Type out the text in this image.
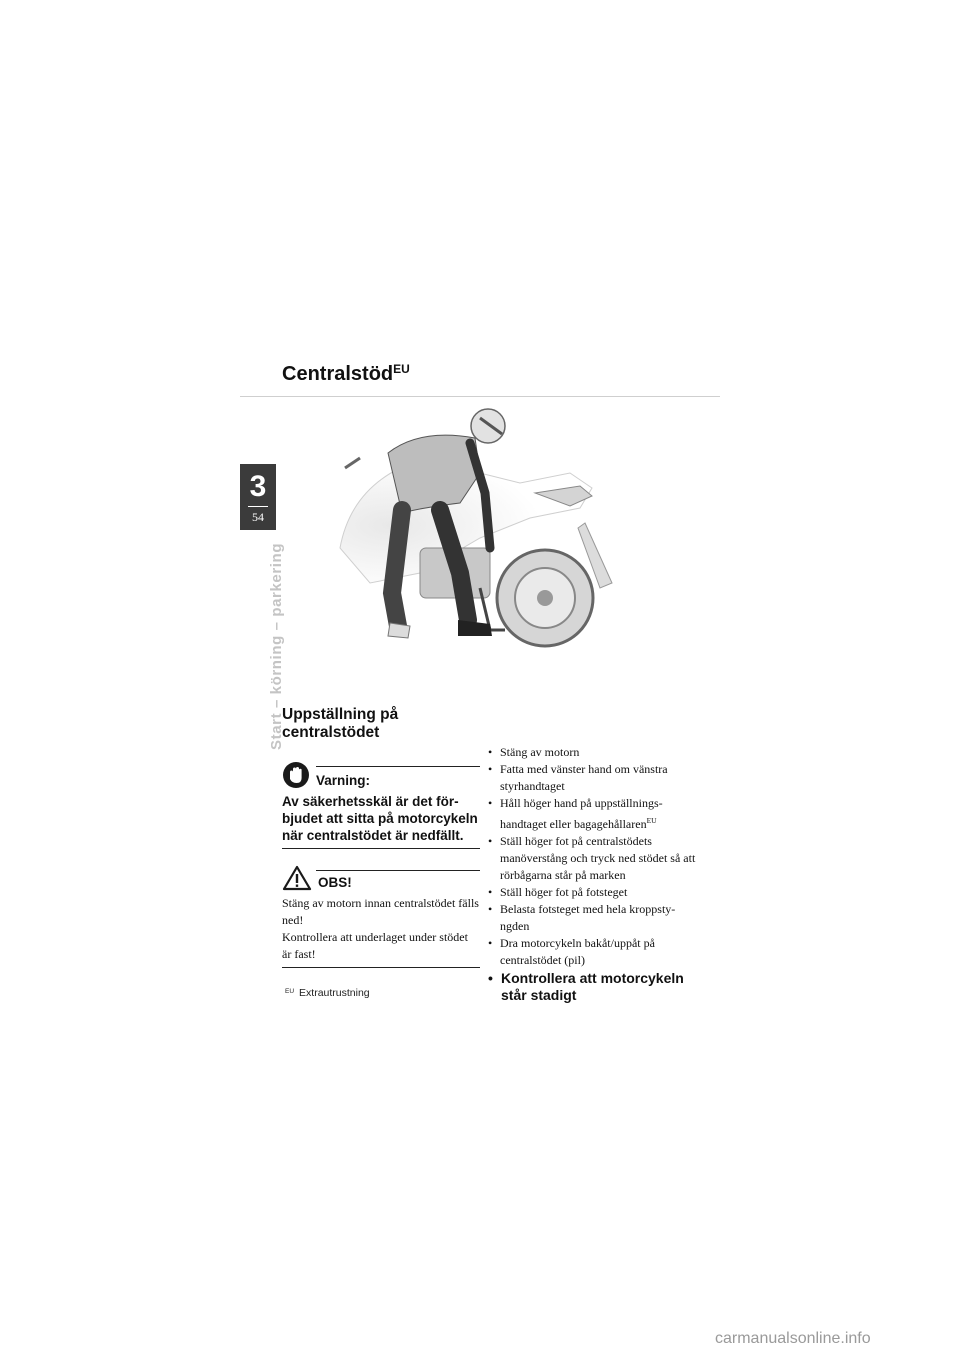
Centralstöd$^{EU}$
3
54
Start – körning – parkering
Uppställning på
centralstödet
Varning:
Av säkerhetsskäl är det för-bjudet att sitta på motorcykeln när centralstödet är nedfällt.
OBS!
Stäng av motorn innan centralstödet fälls ned!
Kontrollera att underlaget under stödet är fast!
• Stäng av motorn
• Fatta med vänster hand om vänstra styrhandtaget
• Håll höger hand på uppställnings-handtaget eller bagagehållaren$^{EU}$
• Ställ höger fot på centralstödets manöverstång och tryck ned stödet så att rörbågarna står på marken
• Ställ höger fot på fotsteget
• Belasta fotsteget med hela kroppsty-ngden
• Dra motorcykeln bakåt/uppåt på centralstödet (pil)
• Kontrollera att motorcykeln står stadigt
$^{EU}$ Extrautrustning
carmanualsonline.info
